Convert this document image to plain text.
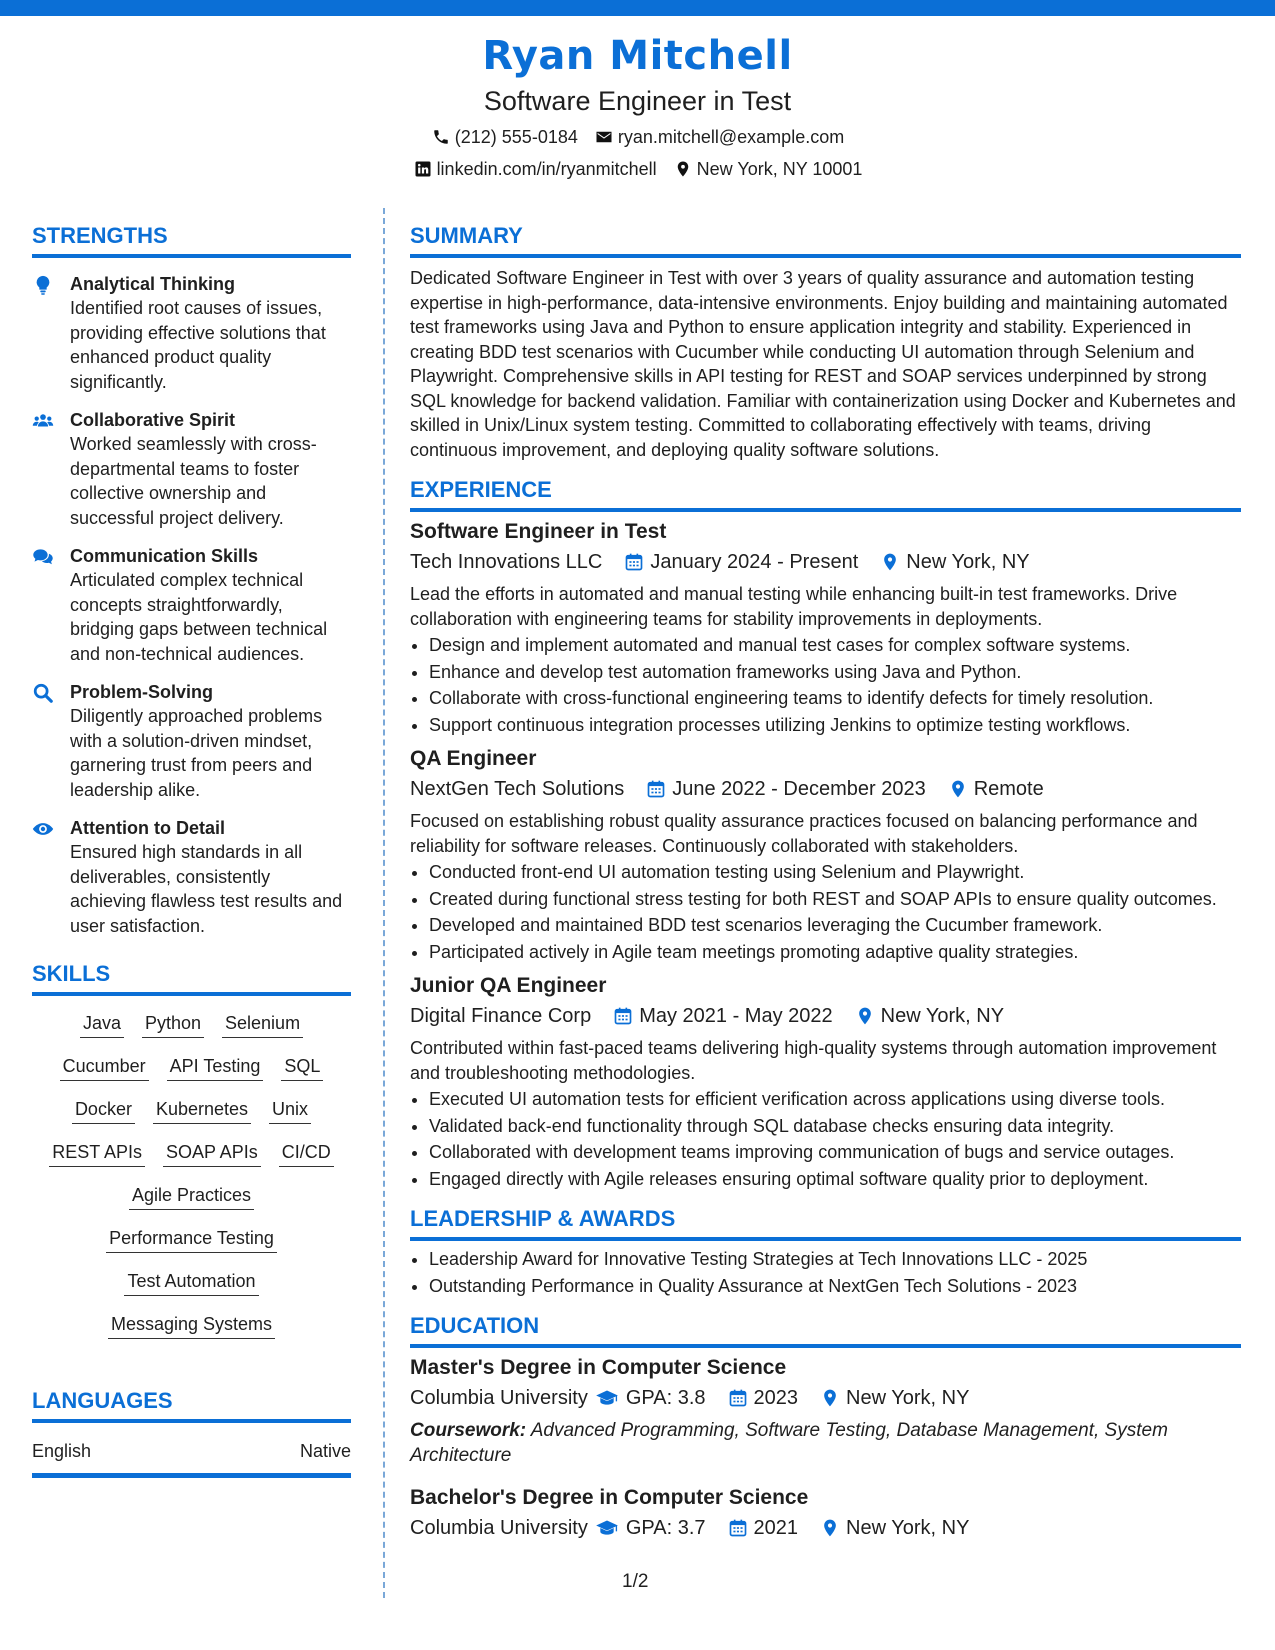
Ryan Mitchell
Software Engineer in Test
(212) 555-0184 ryan.mitchell@example.com
linkedin.com/in/ryanmitchell New York, NY 10001
STRENGTHS
Analytical Thinking
Identified root causes of issues, providing effective solutions that enhanced product quality significantly.
Collaborative Spirit
Worked seamlessly with cross-departmental teams to foster collective ownership and successful project delivery.
Communication Skills
Articulated complex technical concepts straightforwardly, bridging gaps between technical and non-technical audiences.
Problem-Solving
Diligently approached problems with a solution-driven mindset, garnering trust from peers and leadership alike.
Attention to Detail
Ensured high standards in all deliverables, consistently achieving flawless test results and user satisfaction.
SKILLS
Java Python Selenium
Cucumber API Testing SQL
Docker Kubernetes Unix
REST APIs SOAP APIs CI/CD
Agile Practices
Performance Testing
Test Automation
Messaging Systems
LANGUAGES
English	Native
SUMMARY
Dedicated Software Engineer in Test with over 3 years of quality assurance and automation testing expertise in high-performance, data-intensive environments. Enjoy building and maintaining automated test frameworks using Java and Python to ensure application integrity and stability. Experienced in creating BDD test scenarios with Cucumber while conducting UI automation through Selenium and Playwright. Comprehensive skills in API testing for REST and SOAP services underpinned by strong SQL knowledge for backend validation. Familiar with containerization using Docker and Kubernetes and skilled in Unix/Linux system testing. Committed to collaborating effectively with teams, driving continuous improvement, and deploying quality software solutions.
EXPERIENCE
Software Engineer in Test
Tech Innovations LLC January 2024 - Present New York, NY
Lead the efforts in automated and manual testing while enhancing built-in test frameworks. Drive collaboration with engineering teams for stability improvements in deployments.
• Design and implement automated and manual test cases for complex software systems.
• Enhance and develop test automation frameworks using Java and Python.
• Collaborate with cross-functional engineering teams to identify defects for timely resolution.
• Support continuous integration processes utilizing Jenkins to optimize testing workflows.
QA Engineer
NextGen Tech Solutions June 2022 - December 2023 Remote
Focused on establishing robust quality assurance practices focused on balancing performance and reliability for software releases. Continuously collaborated with stakeholders.
• Conducted front-end UI automation testing using Selenium and Playwright.
• Created during functional stress testing for both REST and SOAP APIs to ensure quality outcomes.
• Developed and maintained BDD test scenarios leveraging the Cucumber framework.
• Participated actively in Agile team meetings promoting adaptive quality strategies.
Junior QA Engineer
Digital Finance Corp May 2021 - May 2022 New York, NY
Contributed within fast-paced teams delivering high-quality systems through automation improvement and troubleshooting methodologies.
• Executed UI automation tests for efficient verification across applications using diverse tools.
• Validated back-end functionality through SQL database checks ensuring data integrity.
• Collaborated with development teams improving communication of bugs and service outages.
• Engaged directly with Agile releases ensuring optimal software quality prior to deployment.
LEADERSHIP & AWARDS
• Leadership Award for Innovative Testing Strategies at Tech Innovations LLC - 2025
• Outstanding Performance in Quality Assurance at NextGen Tech Solutions - 2023
EDUCATION
Master's Degree in Computer Science
Columbia University GPA: 3.8 2023 New York, NY
Coursework: Advanced Programming, Software Testing, Database Management, System Architecture
Bachelor's Degree in Computer Science
Columbia University GPA: 3.7 2021 New York, NY
1/2
